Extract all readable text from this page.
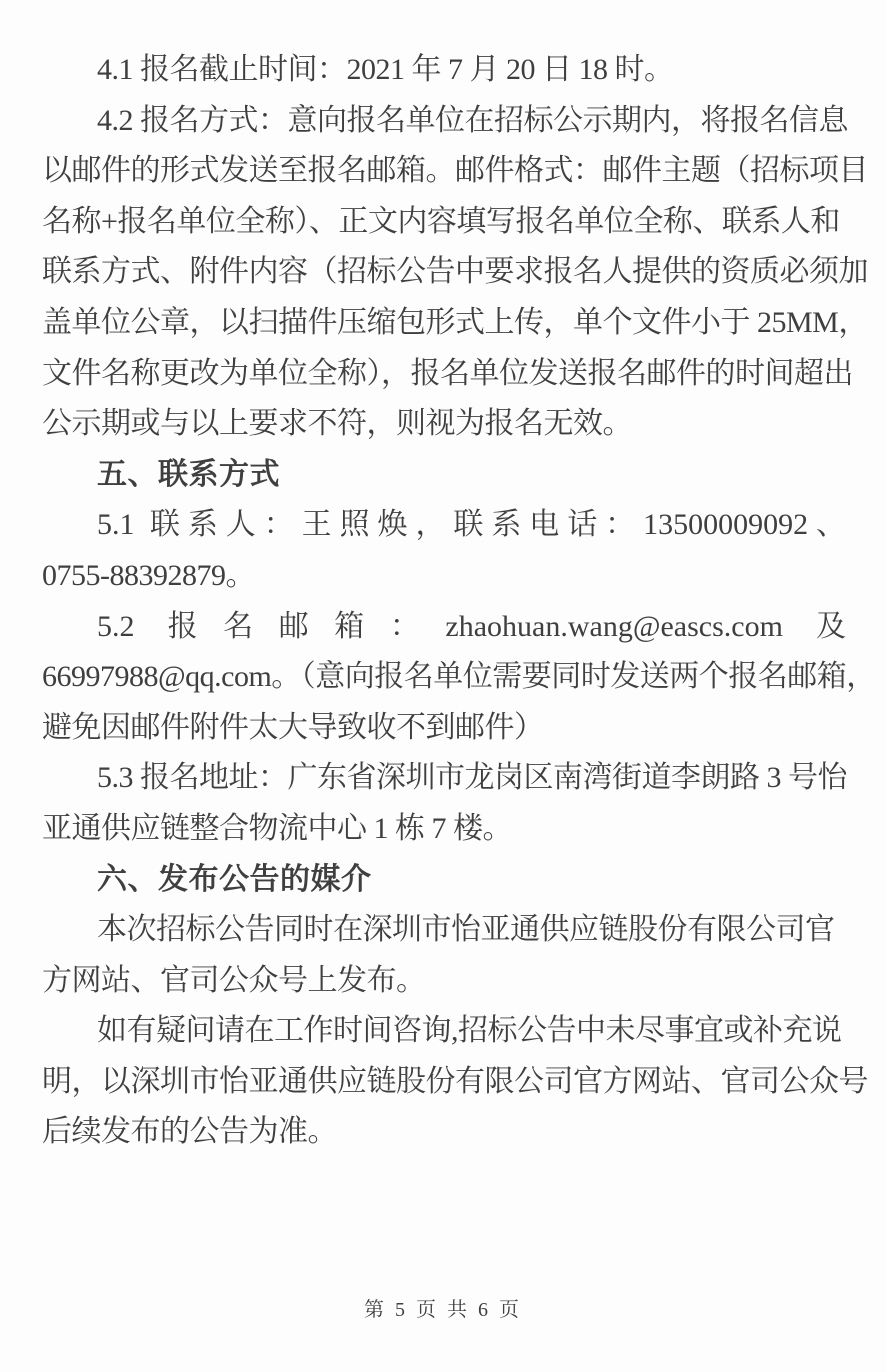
4.1 报名截止时间：2021 年 7 月 20 日 18 时。
4.2 报名方式：意向报名单位在招标公示期内，将报名信息
以邮件的形式发送至报名邮箱。邮件格式：邮件主题（招标项目
名称+报名单位全称）、正文内容填写报名单位全称、联系人和
联系方式、附件内容（招标公告中要求报名人提供的资质必须加
盖单位公章，以扫描件压缩包形式上传，单个文件小于 25MM，
文件名称更改为单位全称），报名单位发送报名邮件的时间超出
公示期或与以上要求不符，则视为报名无效。
五、联系方式
5.1 联系人：王照焕，联系电话：13500009092、
0755-88392879。
5.2 报名邮箱：zhaohuan.wang@eascs.com 及
66997988@qq.com。（意向报名单位需要同时发送两个报名邮箱，
避免因邮件附件太大导致收不到邮件）
5.3 报名地址：广东省深圳市龙岗区南湾街道李朗路 3 号怡
亚通供应链整合物流中心 1 栋 7 楼。
六、发布公告的媒介
本次招标公告同时在深圳市怡亚通供应链股份有限公司官
方网站、官司公众号上发布。
如有疑问请在工作时间咨询,招标公告中未尽事宜或补充说
明，以深圳市怡亚通供应链股份有限公司官方网站、官司公众号
后续发布的公告为准。
第 5 页 共 6 页
